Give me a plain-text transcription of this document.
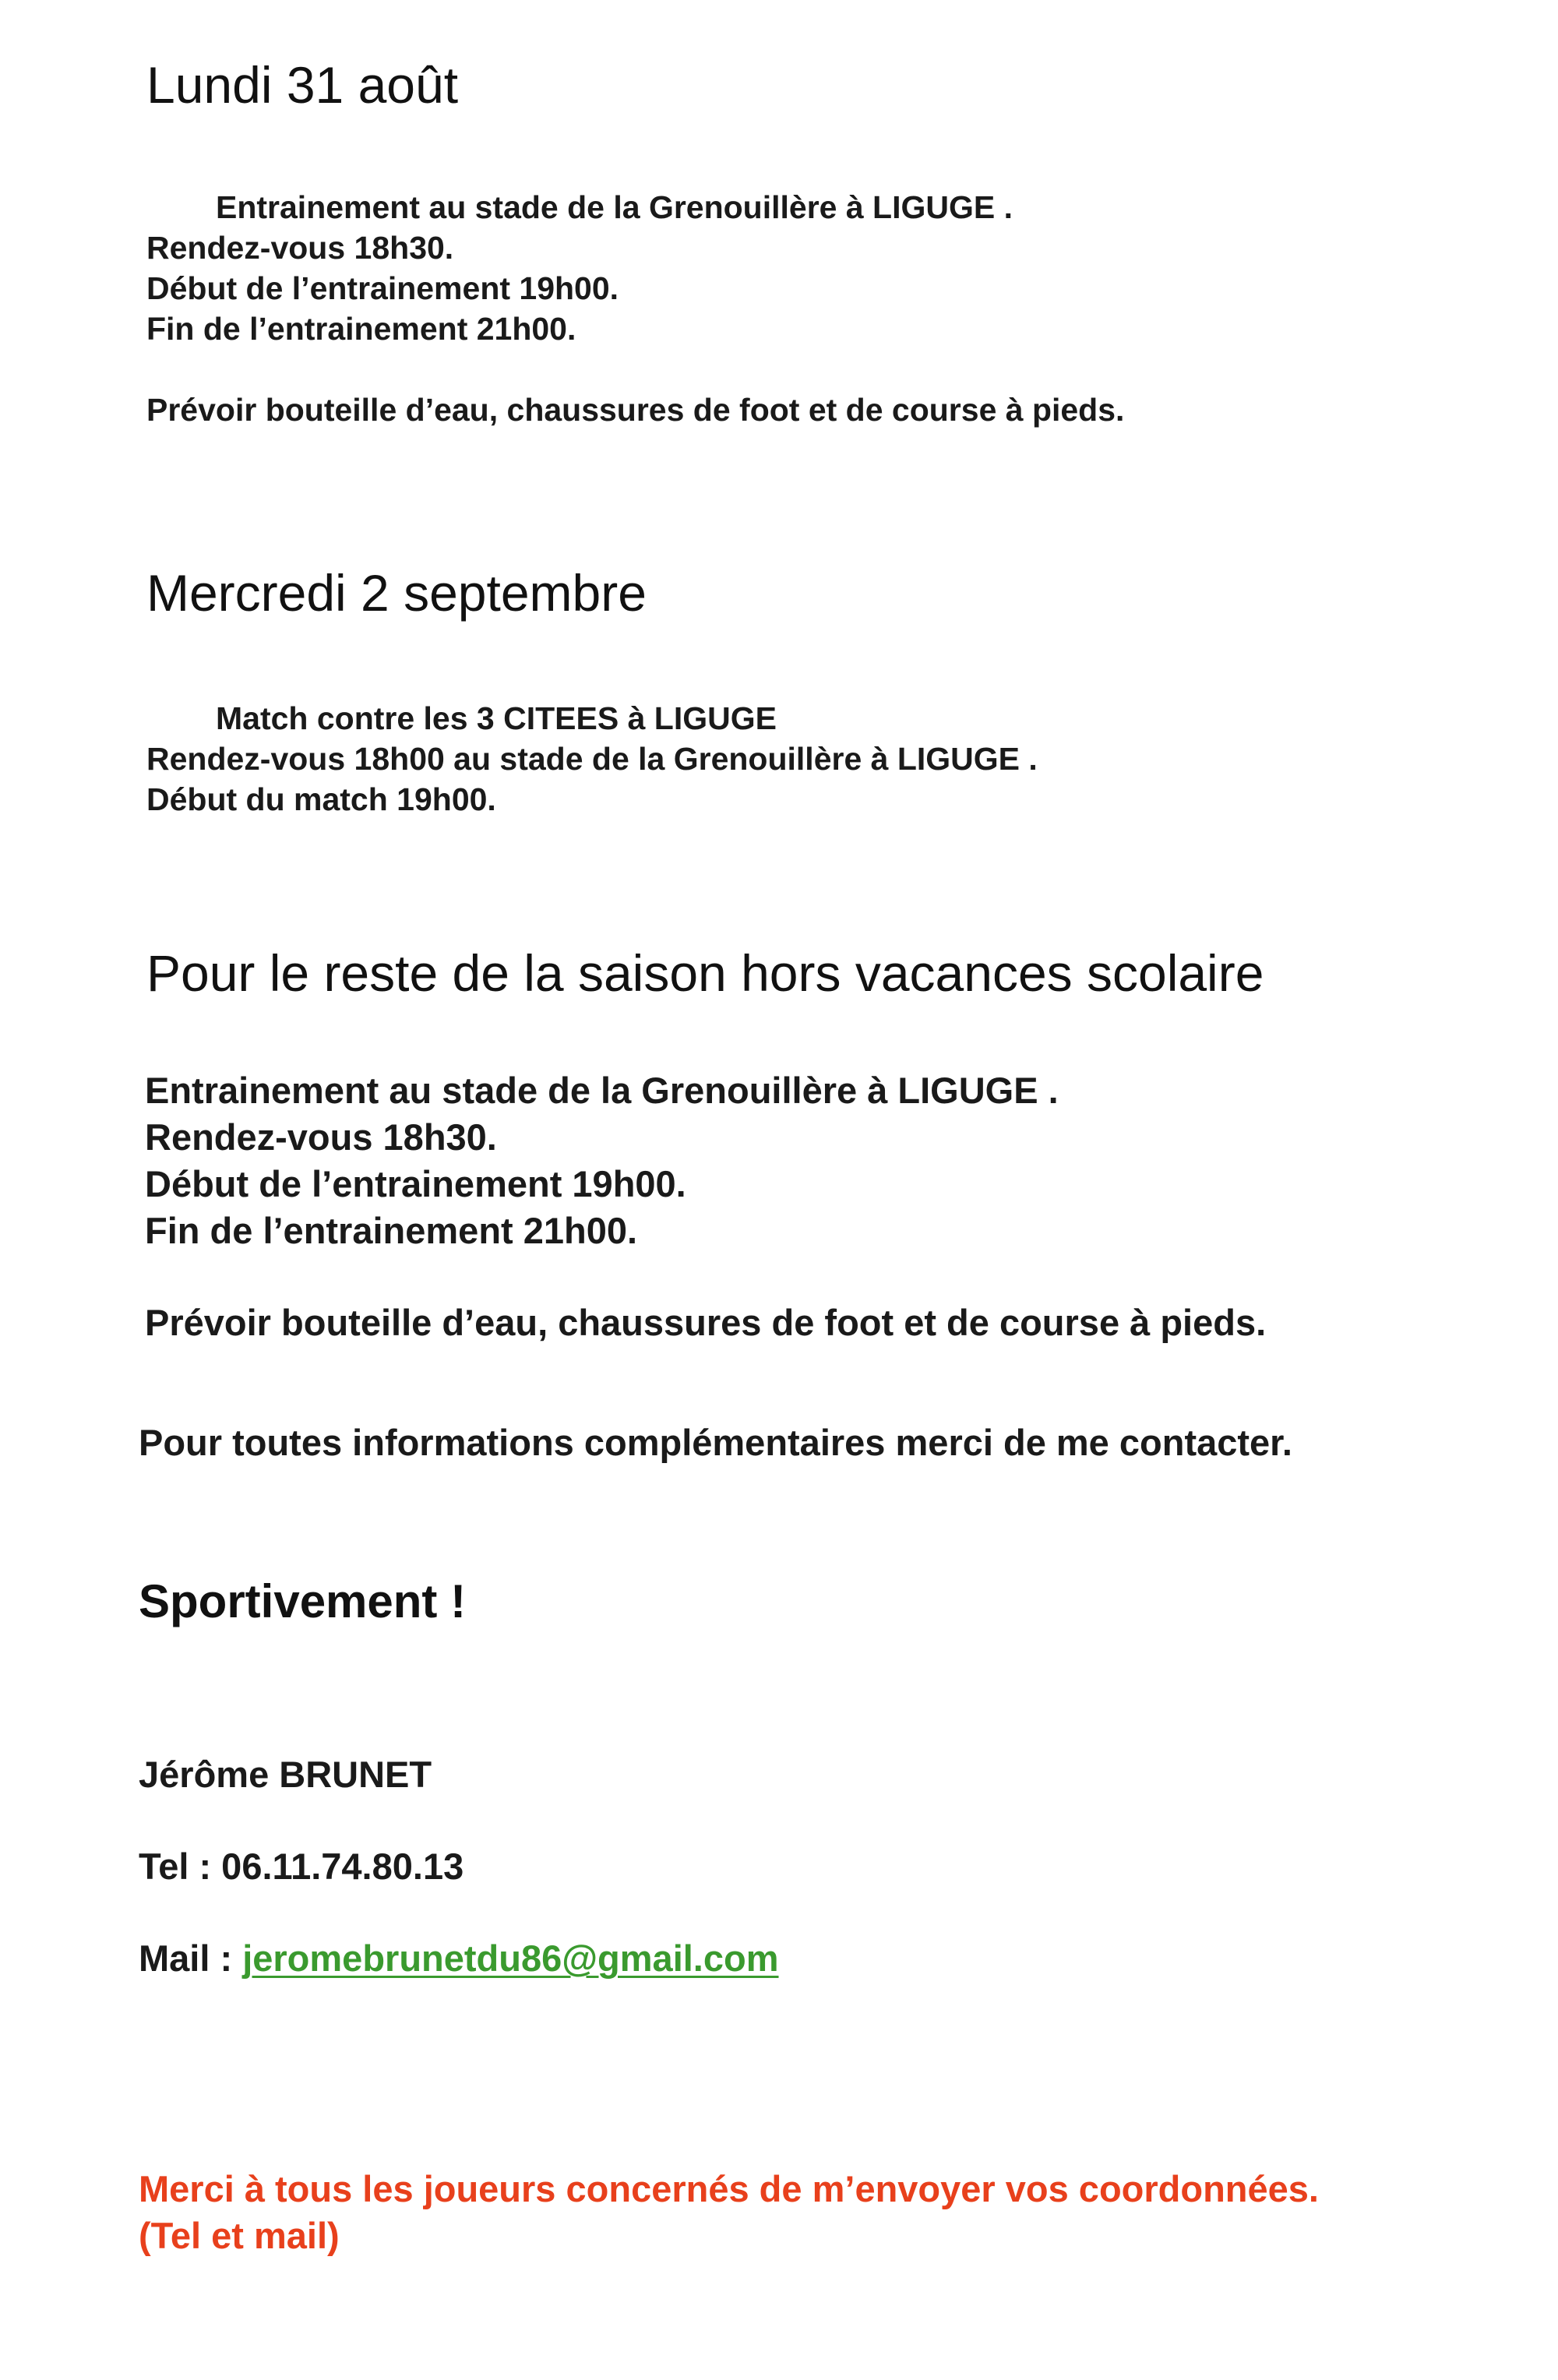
Lundi 31 août
Entrainement au stade de la Grenouillère à LIGUGE .
Rendez-vous 18h30.
Début de l’entrainement 19h00.
Fin de l’entrainement 21h00.
Prévoir bouteille d’eau, chaussures de foot et de course à pieds.
Mercredi 2 septembre
Match contre les 3 CITEES à LIGUGE
Rendez-vous 18h00 au stade de la Grenouillère à LIGUGE .
Début du match 19h00.
Pour le reste de la saison hors vacances scolaire
Entrainement au stade de la Grenouillère à LIGUGE .
Rendez-vous 18h30.
Début de l’entrainement 19h00.
Fin de l’entrainement 21h00.
Prévoir bouteille d’eau, chaussures de foot et de course à pieds.
Pour toutes informations complémentaires merci de me contacter.
Sportivement !
Jérôme BRUNET
Tel : 06.11.74.80.13
Mail : jeromebrunetdu86@gmail.com
Merci à tous les joueurs concernés de m’envoyer vos coordonnées.
(Tel et mail)
